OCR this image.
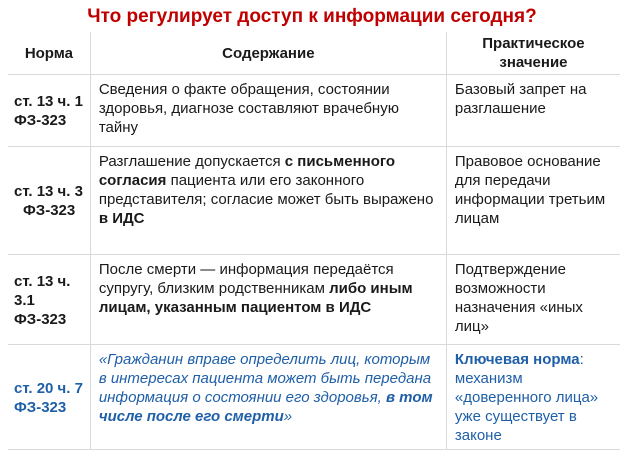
Что регулирует доступ к информации сегодня?
Норма	Содержание	Практическое значение

ст. 13 ч. 1
ФЗ-323	Сведения о факте обращения, состоянии здоровья, диагнозе составляют врачебную тайну	Базовый запрет на разглашение

ст. 13 ч. 3
ФЗ-323	Разглашение допускается с письменного согласия пациента или его законного представителя; согласие может быть выражено в ИДС	Правовое основание для передачи информации третьим лицам

ст. 13 ч. 3.1
ФЗ-323	После смерти — информация передаётся супругу, близким родственникам либо иным лицам, указанным пациентом в ИДС	Подтверждение возможности назначения «иных лиц»

ст. 20 ч. 7
ФЗ-323	«Гражданин вправе определить лиц, которым в интересах пациента может быть передана информация о состоянии его здоровья, в том числе после его смерти»	Ключевая норма: механизм «доверенного лица» уже существует в законе
